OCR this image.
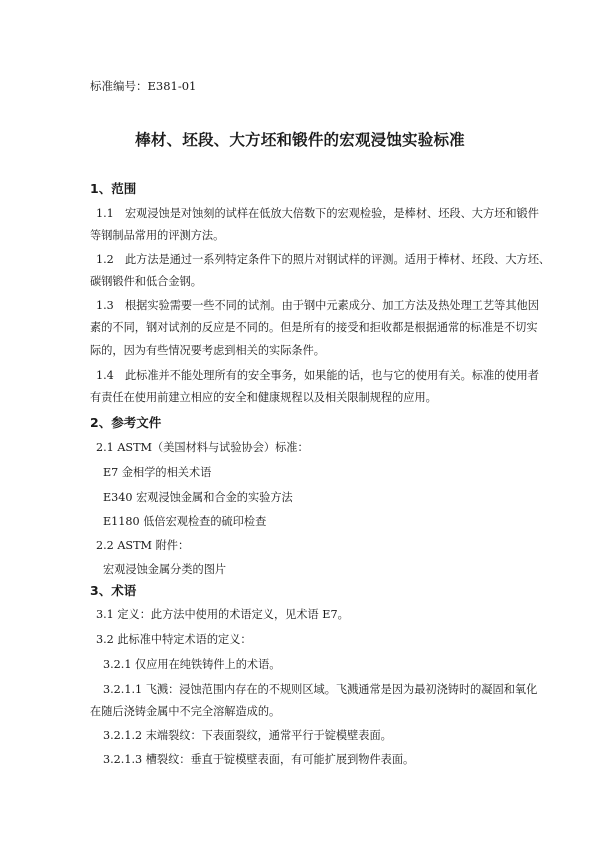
标准编号：E381-01
棒材、坯段、大方坯和锻件的宏观浸蚀实验标准
1、范围
1.1　宏观浸蚀是对蚀刻的试样在低放大倍数下的宏观检验，是棒材、坯段、大方坯和锻件
等钢制品常用的评测方法。
1.2　此方法是通过一系列特定条件下的照片对钢试样的评测。适用于棒材、坯段、大方坯、
碳钢锻件和低合金钢。
1.3　根据实验需要一些不同的试剂。由于钢中元素成分、加工方法及热处理工艺等其他因
素的不同，钢对试剂的反应是不同的。但是所有的接受和拒收都是根据通常的标准是不切实
际的，因为有些情况要考虑到相关的实际条件。
1.4　此标准并不能处理所有的安全事务，如果能的话，也与它的使用有关。标准的使用者
有责任在使用前建立相应的安全和健康规程以及相关限制规程的应用。
2、参考文件
2.1 ASTM（美国材料与试验协会）标准：
E7 金相学的相关术语
E340 宏观浸蚀金属和合金的实验方法
E1180 低倍宏观检查的硫印检查
2.2 ASTM 附件：
宏观浸蚀金属分类的图片
3、术语
3.1 定义：此方法中使用的术语定义，见术语 E7。
3.2 此标准中特定术语的定义：
3.2.1 仅应用在纯铁铸件上的术语。
3.2.1.1 飞溅：浸蚀范围内存在的不规则区域。飞溅通常是因为最初浇铸时的凝固和氧化
在随后浇铸金属中不完全溶解造成的。
3.2.1.2 末端裂纹：下表面裂纹，通常平行于锭模壁表面。
3.2.1.3 槽裂纹：垂直于锭模壁表面，有可能扩展到物件表面。
